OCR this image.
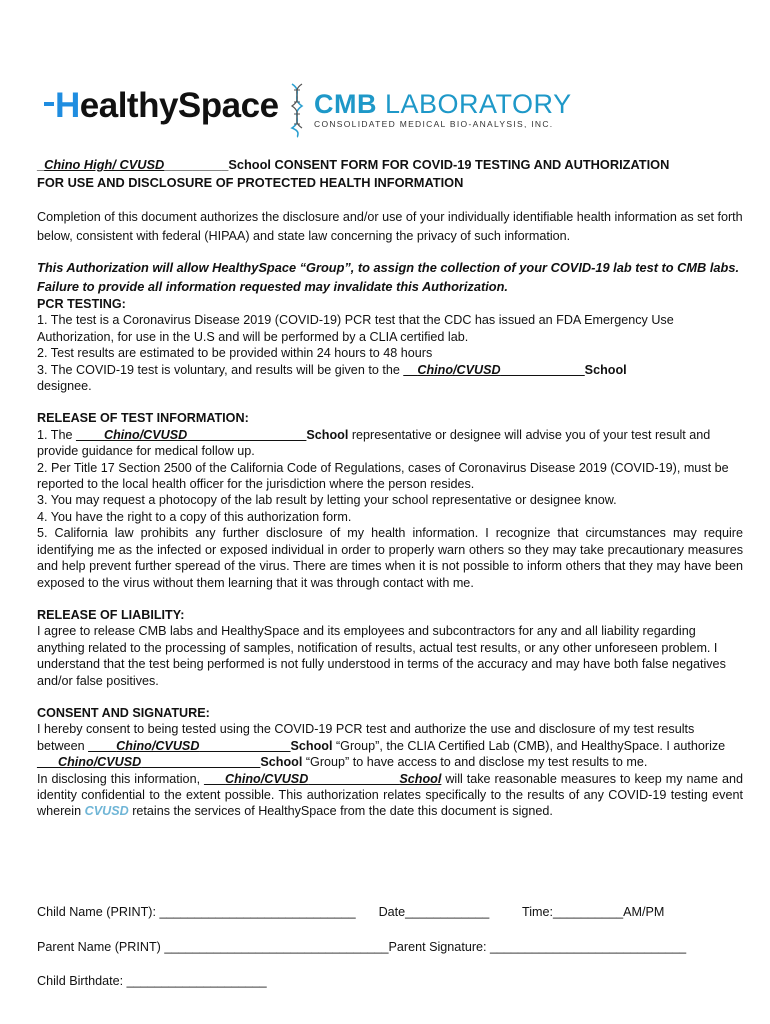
HealthySpace CMB LABORATORY
CONSOLIDATED MEDICAL BIO-ANALYSIS, INC.
_Chino High/ CVUSD_________School CONSENT FORM FOR COVID-19 TESTING AND AUTHORIZATION
FOR USE AND DISCLOSURE OF PROTECTED HEALTH INFORMATION

Completion of this document authorizes the disclosure and/or use of your individually identifiable health information as set forth below, consistent with federal (HIPAA) and state law concerning the privacy of such information.

This Authorization will allow HealthySpace “Group”, to assign the collection of your COVID-19 lab test to CMB labs. Failure to provide all information requested may invalidate this Authorization.

PCR TESTING:

1. The test is a Coronavirus Disease 2019 (COVID-19) PCR test that the CDC has issued an FDA Emergency Use Authorization, for use in the U.S and will be performed by a CLIA certified lab.

2. Test results are estimated to be provided within 24 hours to 48 hours

3. The COVID-19 test is voluntary, and results will be given to the __Chino/CVUSD____________School
designee.

RELEASE OF TEST INFORMATION:

1. The ____Chino/CVUSD_________________School representative or designee will advise you of your test result and provide guidance for medical follow up.

2. Per Title 17 Section 2500 of the California Code of Regulations, cases of Coronavirus Disease 2019 (COVID-19), must be reported to the local health officer for the jurisdiction where the person resides.

3. You may request a photocopy of the lab result by letting your school representative or designee know.

4. You have the right to a copy of this authorization form.

5. California law prohibits any further disclosure of my health information. I recognize that circumstances may require identifying me as the infected or exposed individual in order to properly warn others so they may take precautionary measures and help prevent further speread of the virus. There are times when it is not possible to inform others that they may have been exposed to the virus without them learning that it was through contact with me.

RELEASE OF LIABILITY:

I agree to release CMB labs and HealthySpace and its employees and subcontractors for any and all liability regarding anything related to the processing of samples, notification of results, actual test results, or any other unforeseen problem. I understand that the test being performed is not fully understood in terms of the accuracy and may have both false negatives and/or false positives.

CONSENT AND SIGNATURE:

I hereby consent to being tested using the COVID-19 PCR test and authorize the use and disclosure of my test results between ____Chino/CVUSD_____________School “Group”, the CLIA Certified Lab (CMB), and HealthySpace. I authorize ___Chino/CVUSD_________________School “Group” to have access to and disclose my test results to me.

In disclosing this information, ___Chino/CVUSD_____________School will take reasonable measures to keep my name and identity confidential to the extent possible. This authorization relates specifically to the results of any COVID-19 testing event wherein CVUSD retains the services of HealthySpace from the date this document is signed.

Child Name (PRINT): ____________________________ Date____________	Time:__________AM/PM
Parent Name (PRINT) ________________________________Parent Signature: ____________________________
Child Birthdate: ____________________
